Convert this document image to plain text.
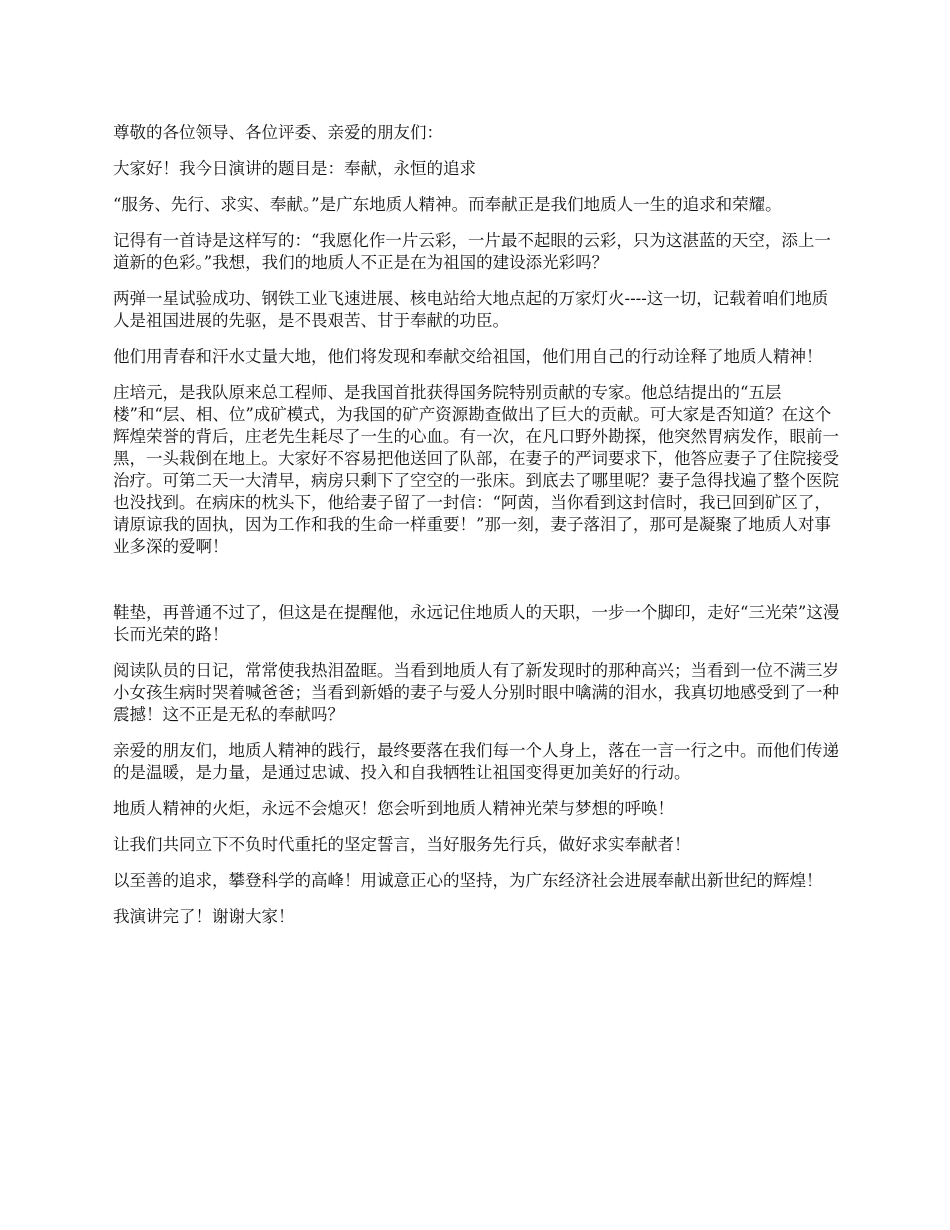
尊敬的各位领导、各位评委、亲爱的朋友们：

大家好！我今日演讲的题目是：奉献，永恒的追求

“服务、先行、求实、奉献。”是广东地质人精神。而奉献正是我们地质人一生的追求和荣耀。

记得有一首诗是这样写的：“我愿化作一片云彩，一片最不起眼的云彩，只为这湛蓝的天空，添上一道新的色彩。”我想，我们的地质人不正是在为祖国的建设添光彩吗？

两弹一星试验成功、钢铁工业飞速进展、核电站给大地点起的万家灯火----这一切，记载着咱们地质人是祖国进展的先驱，是不畏艰苦、甘于奉献的功臣。

他们用青春和汗水丈量大地，他们将发现和奉献交给祖国，他们用自己的行动诠释了地质人精神！

庄培元，是我队原来总工程师、是我国首批获得国务院特别贡献的专家。他总结提出的“五层楼”和“层、相、位”成矿模式，为我国的矿产资源勘查做出了巨大的贡献。可大家是否知道？在这个辉煌荣誉的背后，庄老先生耗尽了一生的心血。有一次，在凡口野外勘探，他突然胃病发作，眼前一黑，一头栽倒在地上。大家好不容易把他送回了队部，在妻子的严词要求下，他答应妻子了住院接受治疗。可第二天一大清早，病房只剩下了空空的一张床。到底去了哪里呢？妻子急得找遍了整个医院也没找到。在病床的枕头下，他给妻子留了一封信：“阿茵，当你看到这封信时，我已回到矿区了，请原谅我的固执，因为工作和我的生命一样重要！”那一刻，妻子落泪了，那可是凝聚了地质人对事业多深的爱啊！

鞋垫，再普通不过了，但这是在提醒他，永远记住地质人的天职，一步一个脚印，走好“三光荣”这漫长而光荣的路！

阅读队员的日记，常常使我热泪盈眶。当看到地质人有了新发现时的那种高兴；当看到一位不满三岁小女孩生病时哭着喊爸爸；当看到新婚的妻子与爱人分别时眼中噙满的泪水，我真切地感受到了一种震撼！这不正是无私的奉献吗？

亲爱的朋友们，地质人精神的践行，最终要落在我们每一个人身上，落在一言一行之中。而他们传递的是温暖，是力量，是通过忠诚、投入和自我牺牲让祖国变得更加美好的行动。

地质人精神的火炬，永远不会熄灭！您会听到地质人精神光荣与梦想的呼唤！

让我们共同立下不负时代重托的坚定誓言，当好服务先行兵，做好求实奉献者！

以至善的追求，攀登科学的高峰！用诚意正心的坚持，为广东经济社会进展奉献出新世纪的辉煌！

我演讲完了！谢谢大家！
